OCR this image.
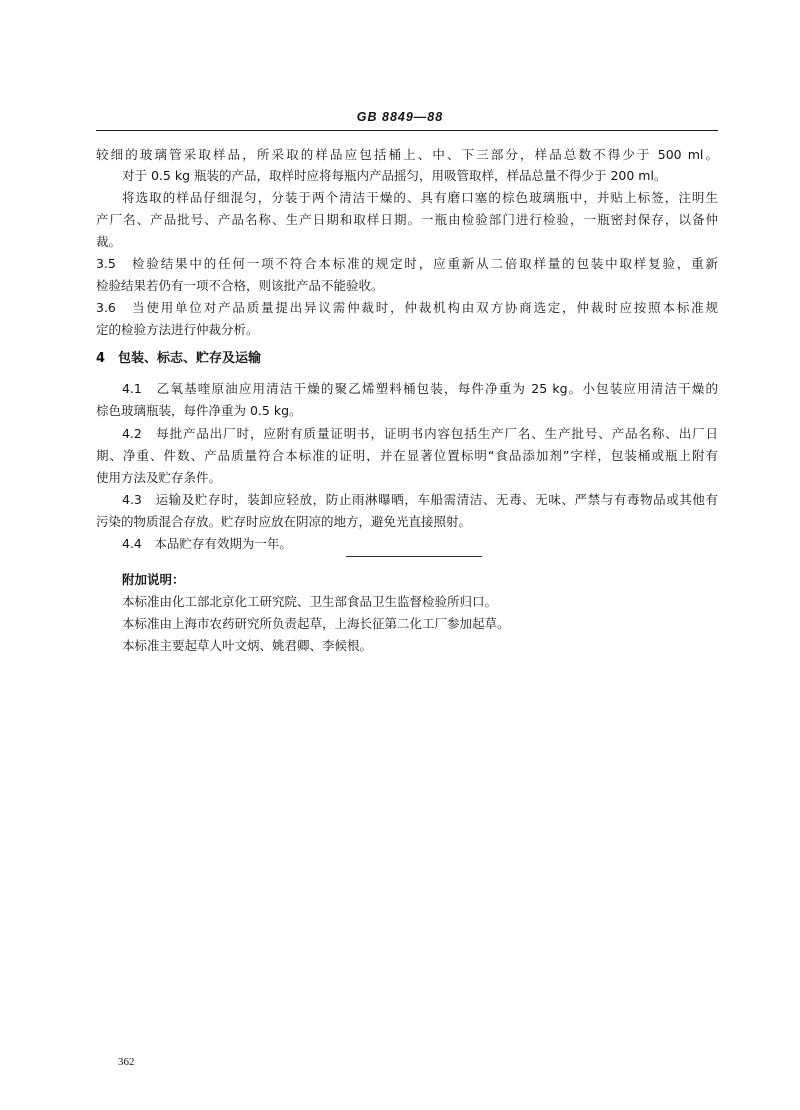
GB 8849—88
较细的玻璃管采取样品，所采取的样品应包括桶上、中、下三部分，样品总数不得少于 500 ml。
对于 0.5 kg 瓶装的产品，取样时应将每瓶内产品摇匀，用吸管取样，样品总量不得少于 200 ml。
将选取的样品仔细混匀，分装于两个清洁干燥的、具有磨口塞的棕色玻璃瓶中，并贴上标签，注明生
产厂名、产品批号、产品名称、生产日期和取样日期。一瓶由检验部门进行检验，一瓶密封保存，以备仲
裁。
3.5　检验结果中的任何一项不符合本标准的规定时，应重新从二倍取样量的包装中取样复验，重新
检验结果若仍有一项不合格，则该批产品不能验收。
3.6　当使用单位对产品质量提出异议需仲裁时，仲裁机构由双方协商选定，仲裁时应按照本标准规
定的检验方法进行仲裁分析。
4　包装、标志、贮存及运输
4.1　乙氧基喹原油应用清洁干燥的聚乙烯塑料桶包装，每件净重为 25 kg。小包装应用清洁干燥的
棕色玻璃瓶装，每件净重为 0.5 kg。
4.2　每批产品出厂时，应附有质量证明书，证明书内容包括生产厂名、生产批号、产品名称、出厂日
期、净重、件数、产品质量符合本标准的证明，并在显著位置标明“食品添加剂”字样，包装桶或瓶上附有
使用方法及贮存条件。
4.3　运输及贮存时，装卸应轻放，防止雨淋曝晒，车船需清洁、无毒、无味、严禁与有毒物品或其他有
污染的物质混合存放。贮存时应放在阴凉的地方，避免光直接照射。
4.4　本品贮存有效期为一年。
附加说明：
本标准由化工部北京化工研究院、卫生部食品卫生监督检验所归口。
本标准由上海市农药研究所负责起草，上海长征第二化工厂参加起草。
本标准主要起草人叶文炳、姚君卿、李候根。
362
